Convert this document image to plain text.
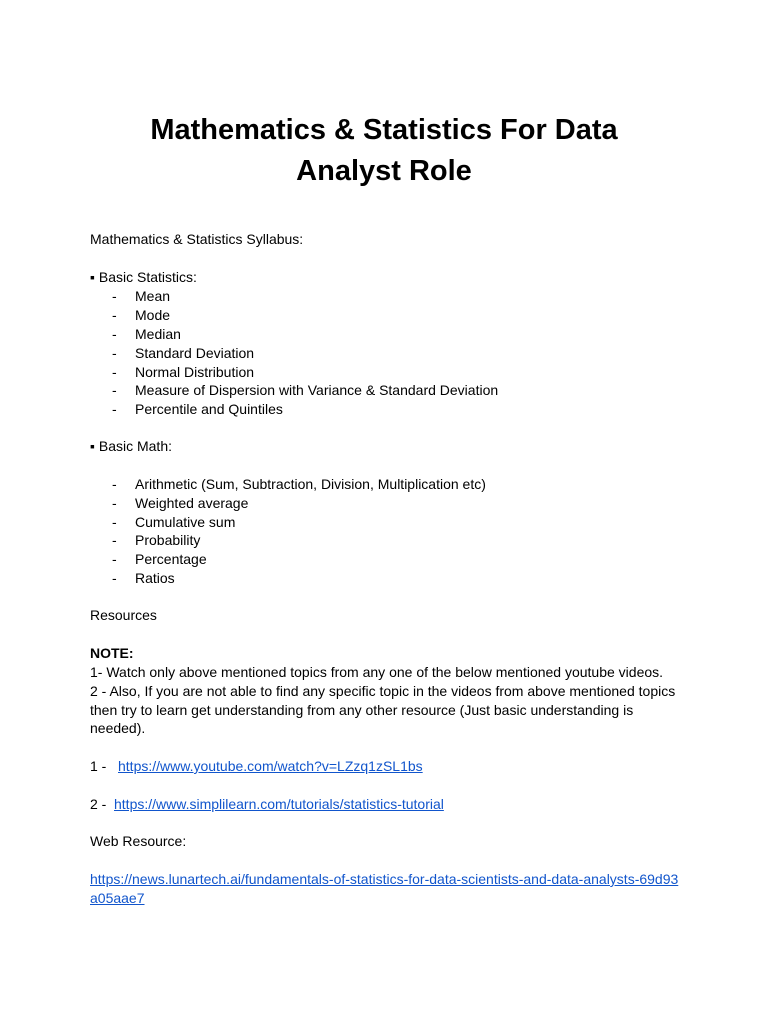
Mathematics & Statistics For Data
Analyst Role
Mathematics & Statistics Syllabus:
▪ Basic Statistics:
- Mean
- Mode
- Median
- Standard Deviation
- Normal Distribution
- Measure of Dispersion with Variance & Standard Deviation
- Percentile and Quintiles
▪ Basic Math:
- Arithmetic (Sum, Subtraction, Division, Multiplication etc)
- Weighted average
- Cumulative sum
- Probability
- Percentage
- Ratios
Resources
NOTE:
1- Watch only above mentioned topics from any one of the below mentioned youtube videos.
2 - Also, If you are not able to find any specific topic in the videos from above mentioned topics
then try to learn get understanding from any other resource (Just basic understanding is
needed).
1 - https://www.youtube.com/watch?v=LZzq1zSL1bs
2 - https://www.simplilearn.com/tutorials/statistics-tutorial
Web Resource:
https://news.lunartech.ai/fundamentals-of-statistics-for-data-scientists-and-data-analysts-69d93
a05aae7
